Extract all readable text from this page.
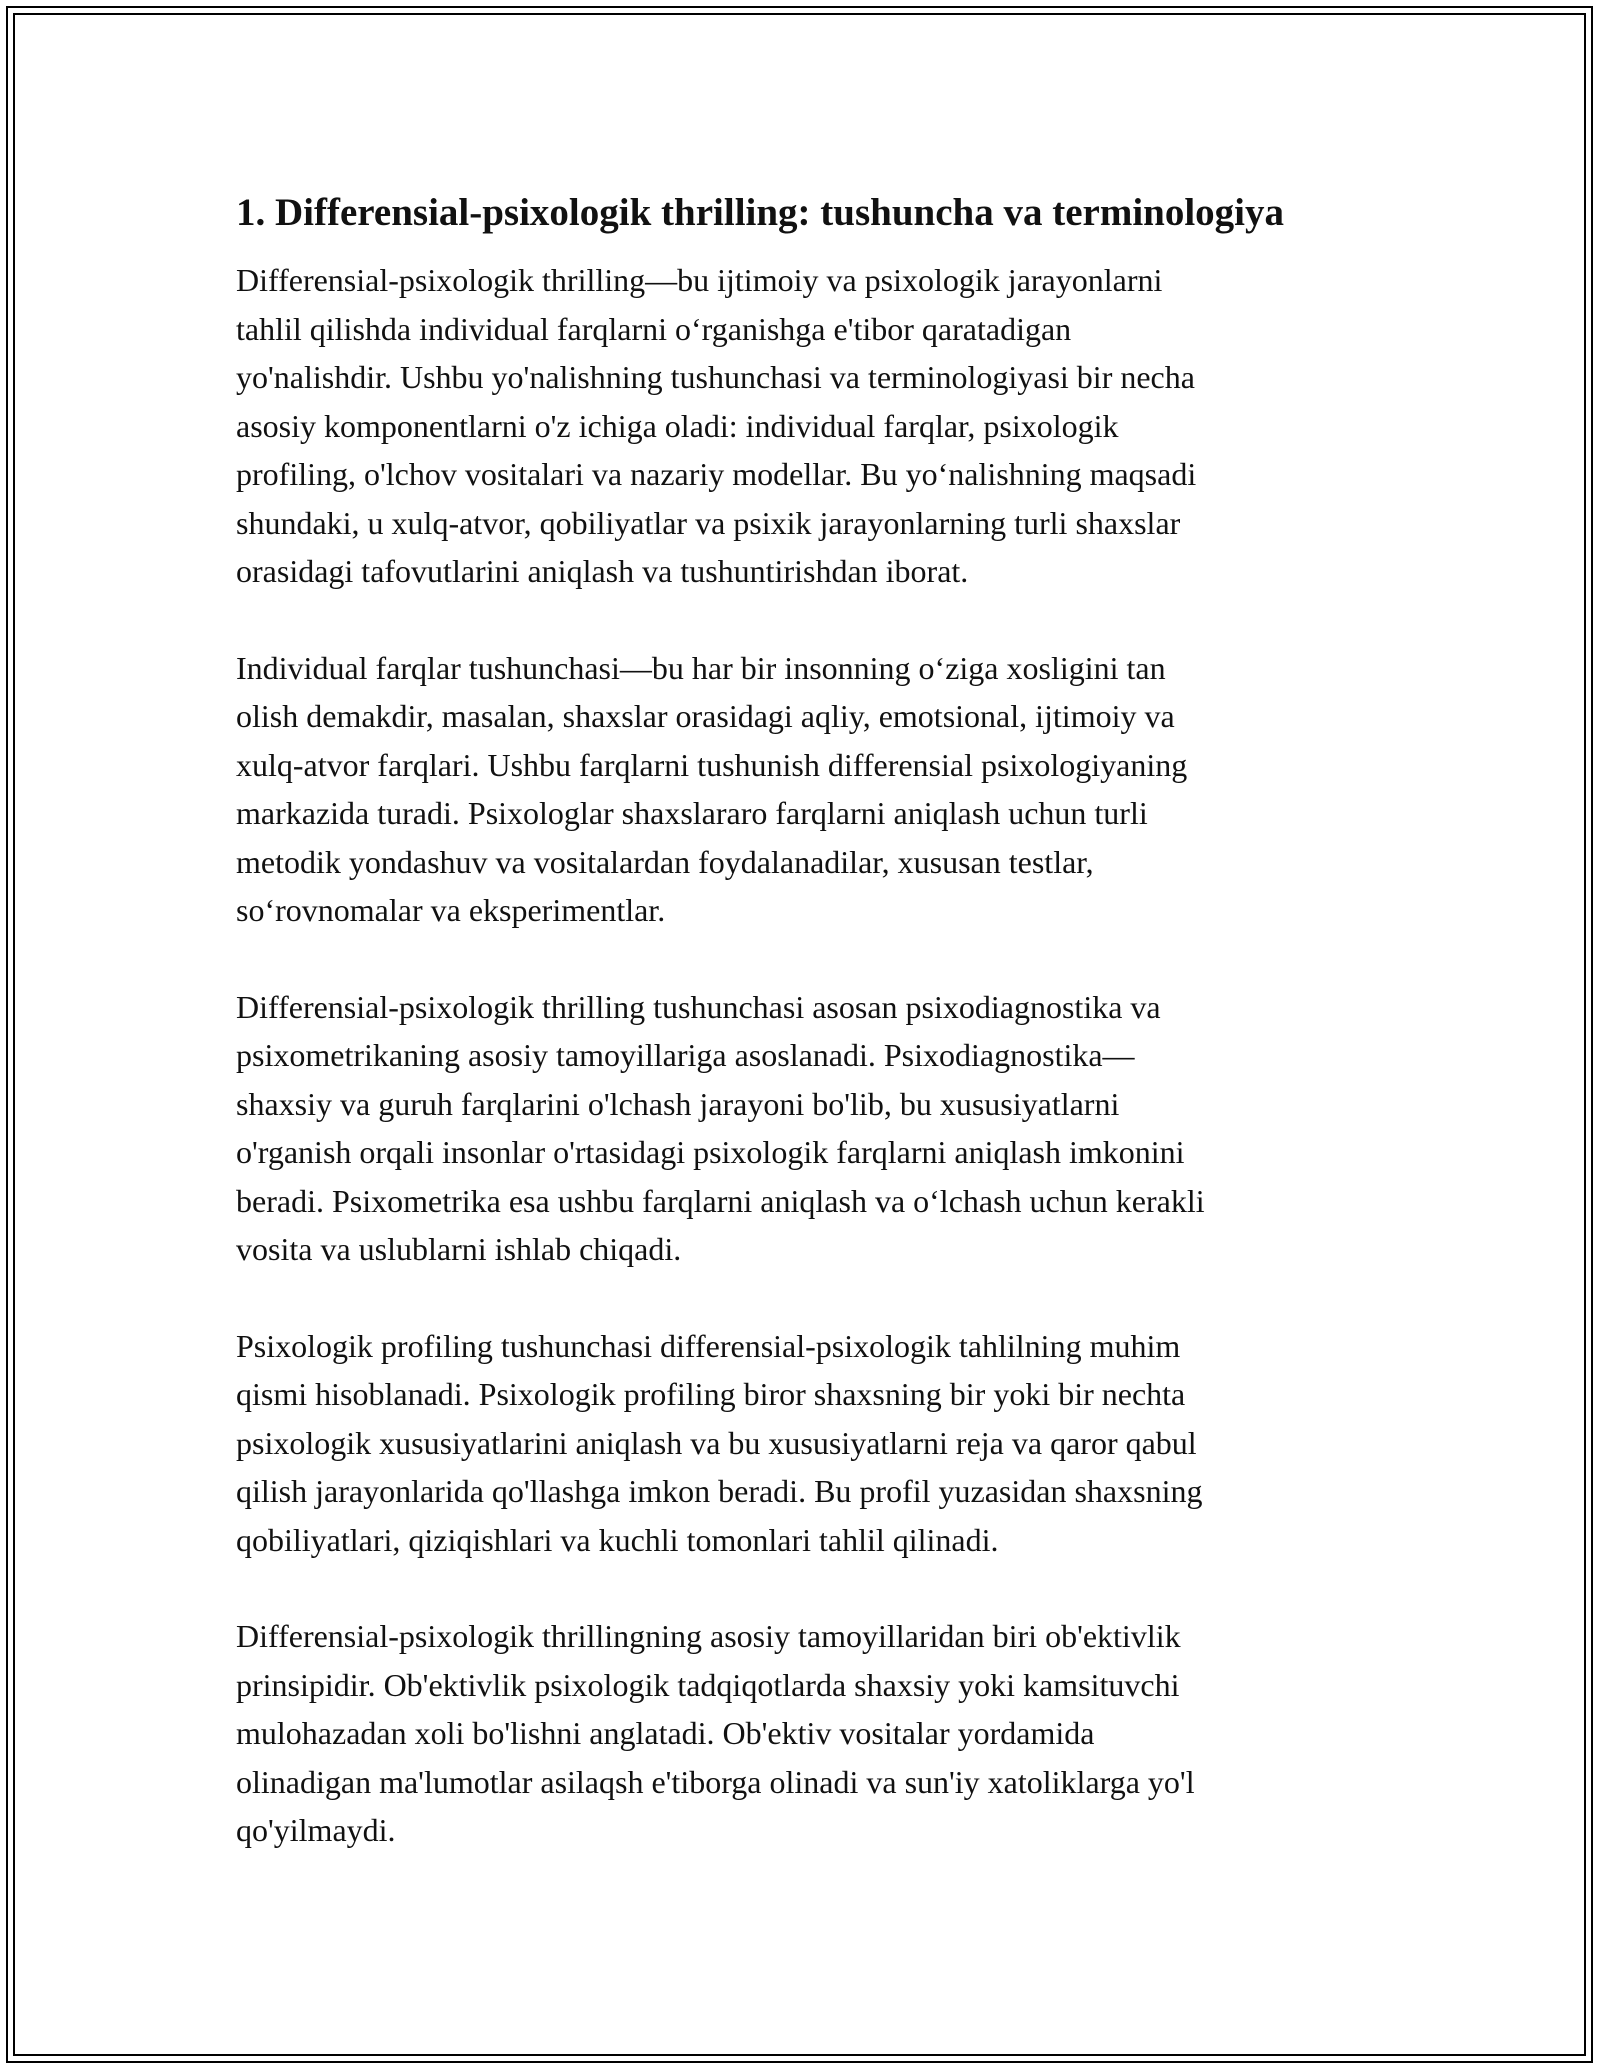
1. Differensial-psixologik thrilling: tushuncha va terminologiya

Differensial-psixologik thrilling—bu ijtimoiy va psixologik jarayonlarni
tahlil qilishda individual farqlarni o‘rganishga e'tibor qaratadigan
yo'nalishdir. Ushbu yo'nalishning tushunchasi va terminologiyasi bir necha
asosiy komponentlarni o'z ichiga oladi: individual farqlar, psixologik
profiling, o'lchov vositalari va nazariy modellar. Bu yo‘nalishning maqsadi
shundaki, u xulq-atvor, qobiliyatlar va psixik jarayonlarning turli shaxslar
orasidagi tafovutlarini aniqlash va tushuntirishdan iborat.

Individual farqlar tushunchasi—bu har bir insonning o‘ziga xosligini tan
olish demakdir, masalan, shaxslar orasidagi aqliy, emotsional, ijtimoiy va
xulq-atvor farqlari. Ushbu farqlarni tushunish differensial psixologiyaning
markazida turadi. Psixologlar shaxslararo farqlarni aniqlash uchun turli
metodik yondashuv va vositalardan foydalanadilar, xususan testlar,
so‘rovnomalar va eksperimentlar.

Differensial-psixologik thrilling tushunchasi asosan psixodiagnostika va
psixometrikaning asosiy tamoyillariga asoslanadi. Psixodiagnostika—
shaxsiy va guruh farqlarini o'lchash jarayoni bo'lib, bu xususiyatlarni
o'rganish orqali insonlar o'rtasidagi psixologik farqlarni aniqlash imkonini
beradi. Psixometrika esa ushbu farqlarni aniqlash va o‘lchash uchun kerakli
vosita va uslublarni ishlab chiqadi.

Psixologik profiling tushunchasi differensial-psixologik tahlilning muhim
qismi hisoblanadi. Psixologik profiling biror shaxsning bir yoki bir nechta
psixologik xususiyatlarini aniqlash va bu xususiyatlarni reja va qaror qabul
qilish jarayonlarida qo'llashga imkon beradi. Bu profil yuzasidan shaxsning
qobiliyatlari, qiziqishlari va kuchli tomonlari tahlil qilinadi.

Differensial-psixologik thrillingning asosiy tamoyillaridan biri ob'ektivlik
prinsipidir. Ob'ektivlik psixologik tadqiqotlarda shaxsiy yoki kamsituvchi
mulohazadan xoli bo'lishni anglatadi. Ob'ektiv vositalar yordamida
olinadigan ma'lumotlar asilaqsh e'tiborga olinadi va sun'iy xatoliklarga yo'l
qo'yilmaydi.
